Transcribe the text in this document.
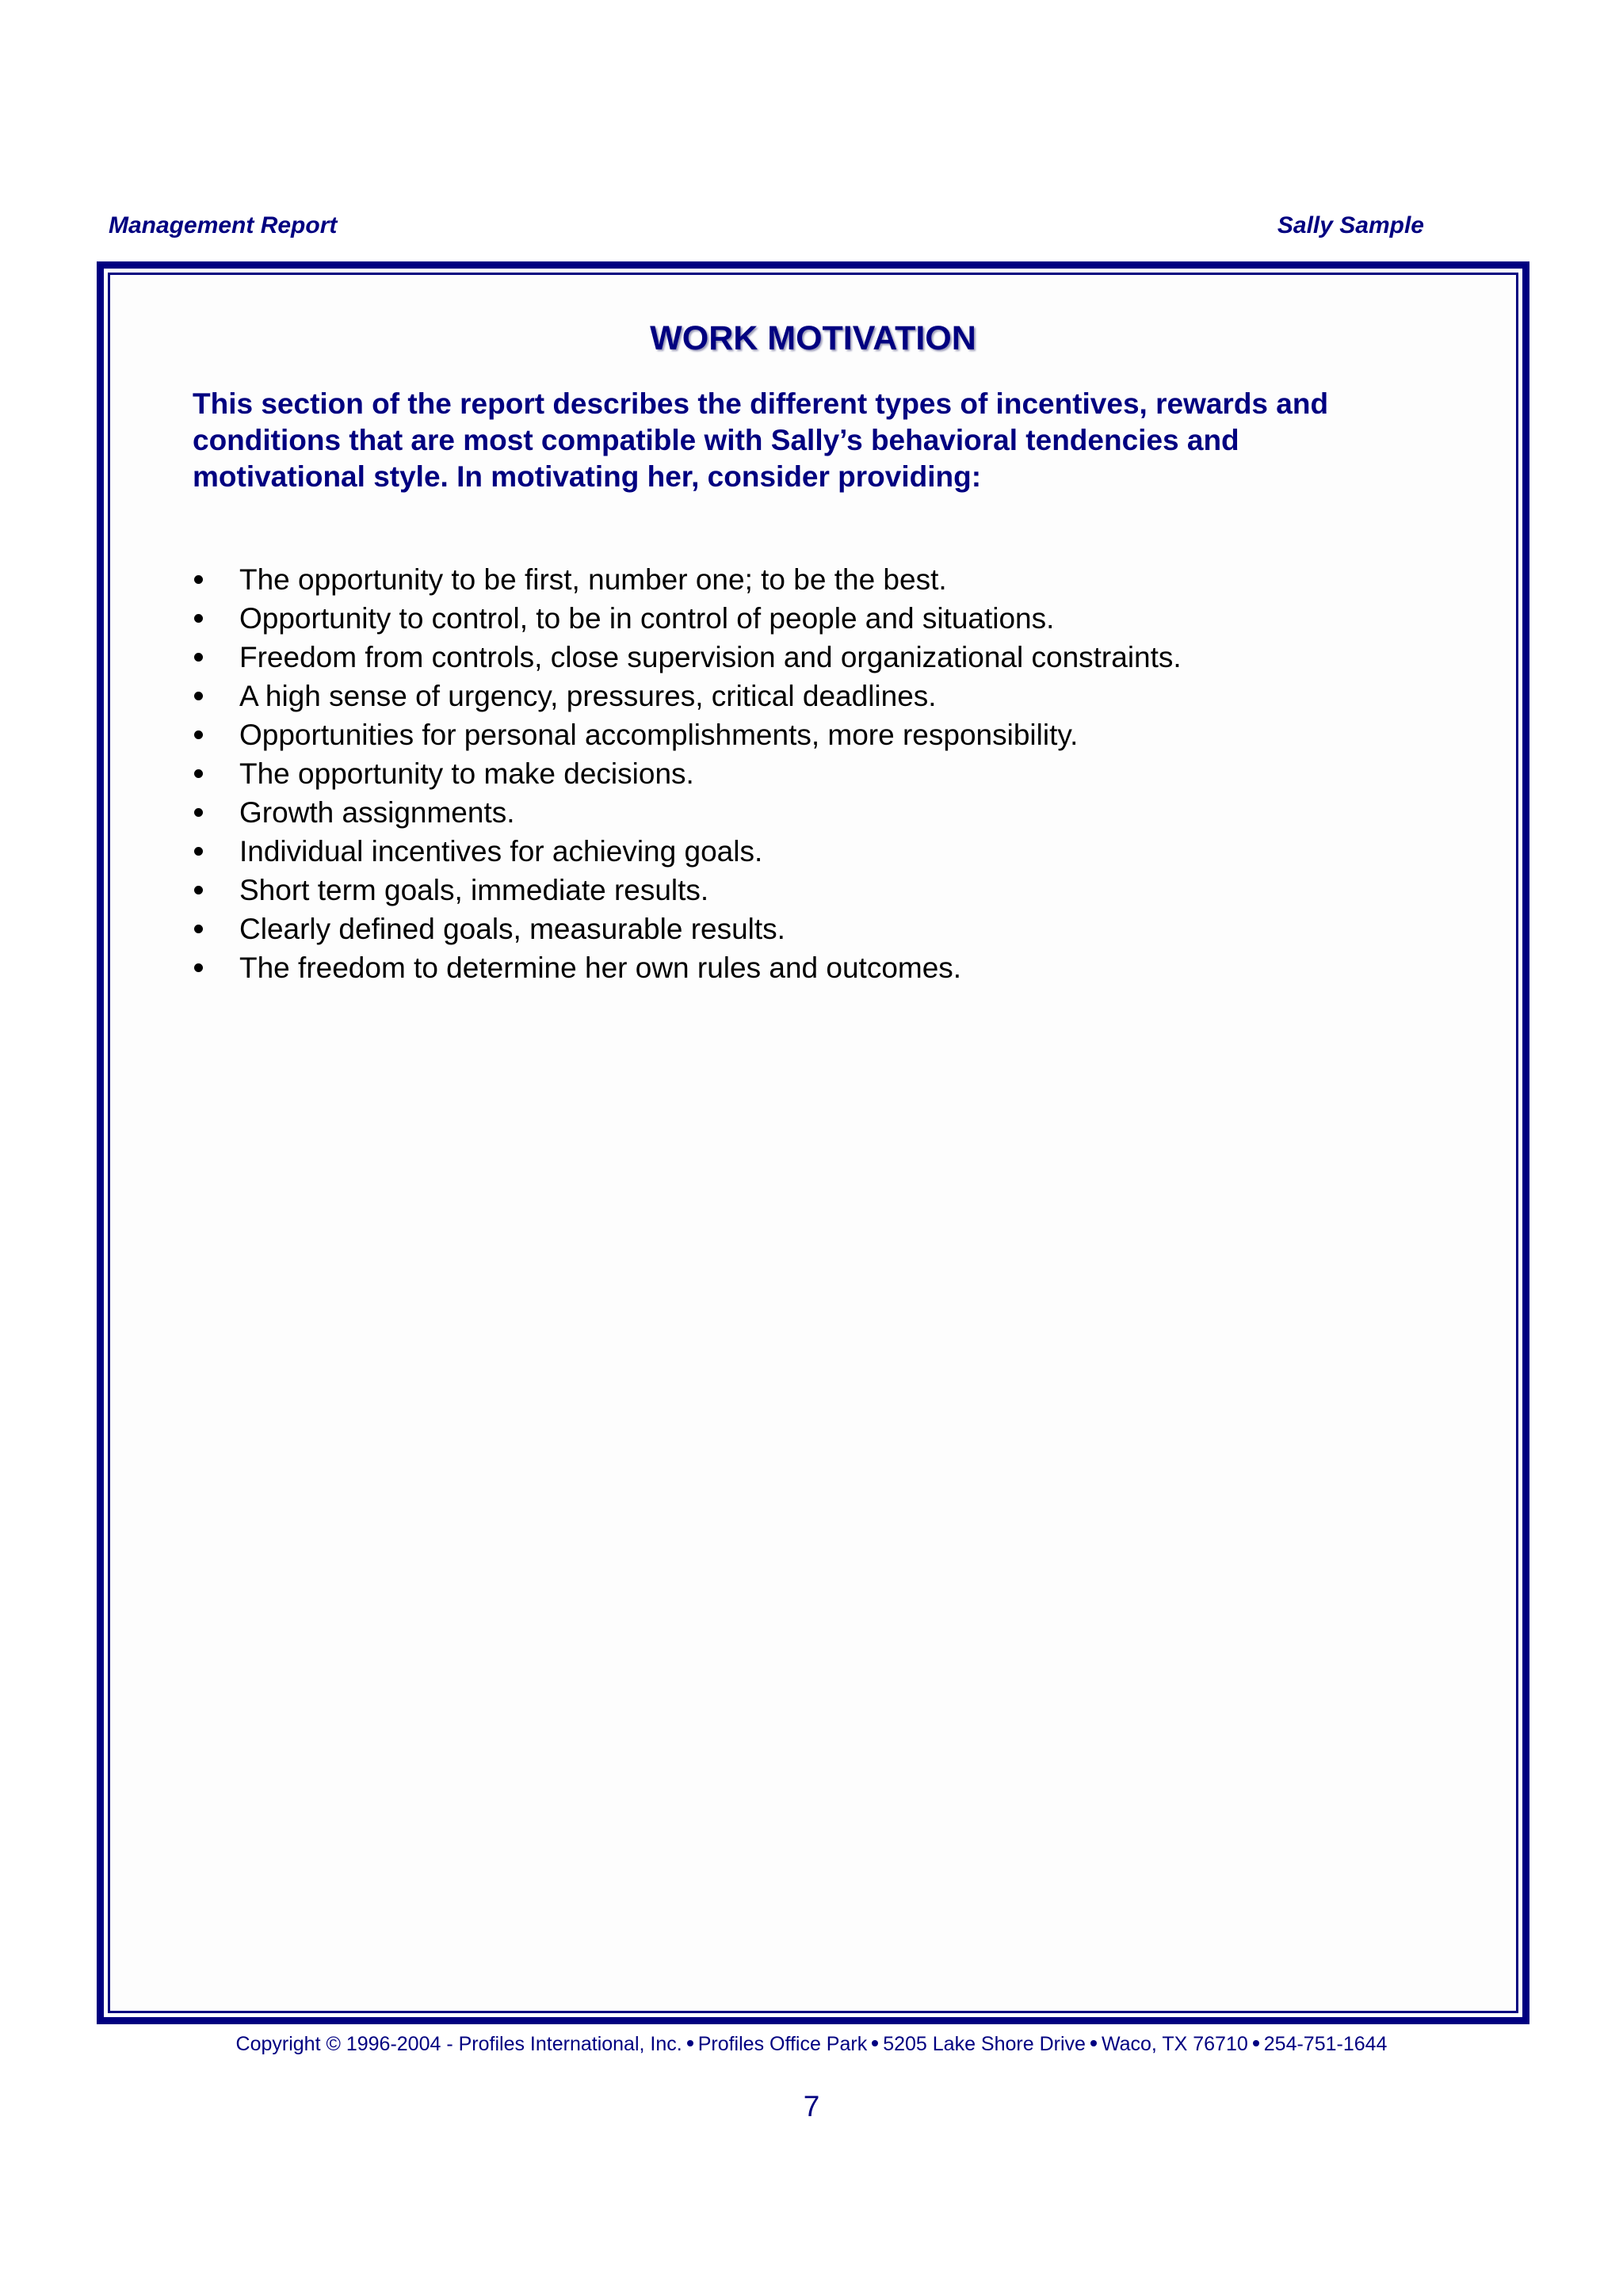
Management Report	Sally Sample
WORK MOTIVATION
This section of the report describes the different types of incentives, rewards and
conditions that are most compatible with Sally’s behavioral tendencies and
motivational style. In motivating her, consider providing:
The opportunity to be first, number one; to be the best.
Opportunity to control, to be in control of people and situations.
Freedom from controls, close supervision and organizational constraints.
A high sense of urgency, pressures, critical deadlines.
Opportunities for personal accomplishments, more responsibility.
The opportunity to make decisions.
Growth assignments.
Individual incentives for achieving goals.
Short term goals, immediate results.
Clearly defined goals, measurable results.
The freedom to determine her own rules and outcomes.
Copyright © 1996-2004 - Profiles International, Inc. Profiles Office Park 5205 Lake Shore Drive Waco, TX 76710 254-751-1644
7
